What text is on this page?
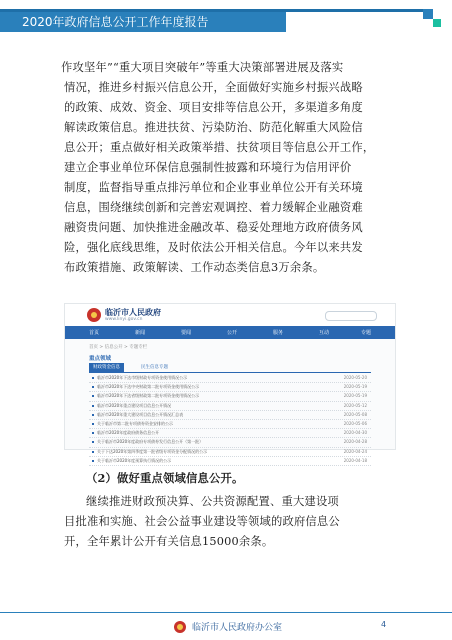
2020年政府信息公开工作年度报告

作攻坚年”“重大项目突破年”等重大决策部署进展及落实

情况，推进乡村振兴信息公开，全面做好实施乡村振兴战略

的政策、成效、资金、项目安排等信息公开，多渠道多角度

解读政策信息。推进扶贫、污染防治、防范化解重大风险信

息公开；重点做好相关政策举措、扶贫项目等信息公开工作，

建立企事业单位环保信息强制性披露和环境行为信用评价

制度，监督指导重点排污单位和企业事业单位公开有关环境

信息，围绕继续创新和完善宏观调控、着力缓解企业融资难

融资贵问题、加快推进金融改革、稳妥处理地方政府债务风

险，强化底线思维，及时依法公开相关信息。今年以来共发

布政策措施、政策解读、工作动态类信息3万余条。

临沂市人民政府
www.linyi.gov.cn
首页	新闻	要闻	公开	服务	互动	专题
首页 > 信息公开 > 专题专栏
重点领域
财政资金信息	民生信息专题
临沂市2020年下达市级财政专项资金使用情况公示	2020-05-20
临沂市2020年下达中央财政第二批专项资金使用情况公示	2020-05-19
临沂市2020年下达省级财政第二批专项资金使用情况公示	2020-05-19
临沂市2020年重点建设项目信息公开情况	2020-05-12
临沂市2020年重大建设项目信息公开情况汇总表	2020-05-08
关于临沂市第二批专项债券资金安排的公示	2020-05-06
临沂市2020年度政府债务信息公开	2020-04-30
关于临沂市2020年度政府专项债券发行信息公开（第一批）	2020-04-28
关于下达2020年第四季度第一批省级专项资金分配情况的公示	2020-04-24
关于临沂市2020年度预算执行情况的公示	2020-04-18

（2）做好重点领域信息公开。

继续推进财政预决算、公共资源配置、重大建设项

目批准和实施、社会公益事业建设等领域的政府信息公

开，全年累计公开有关信息15000余条。

临沂市人民政府办公室	4
